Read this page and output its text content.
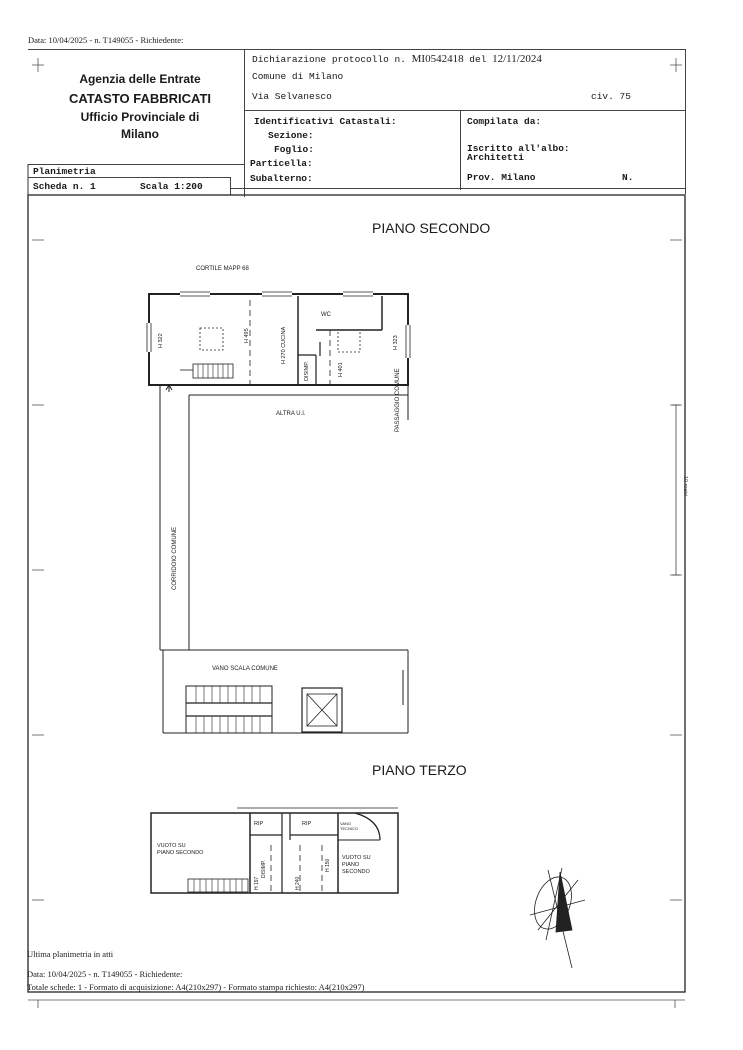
Data: 10/04/2025 - n. T149055 - Richiedente:
Agenzia delle Entrate
CATASTO FABBRICATI
Ufficio Provinciale di
Milano
Dichiarazione protocollo n. MI0542418 del 12/11/2024
Comune di Milano
Via Selvanesco	civ. 75
Identificativi Catastali:
Sezione:
Foglio:
Particella:
Subalterno:
Compilata da:
Iscritto all'albo:
Architetti
Prov. Milano	N.
Planimetria
Scheda n. 1	Scala 1:200
PIANO SECONDO
PIANO TERZO
CORTILE MAPP 68
ALTRA U.I.
VANO SCALA COMUNE
WC
PASSAGGIO COMUNE
CORRIDOIO COMUNE
H 270 CUCINA
H 322	H 495	H 323
H 401
DISIMP.
RIP	RIP	VANO TECNICO
VUOTO SU
PIANO SECONDO
VUOTO SU
PIANO
SECONDO
H 197
DISIMP.
H 240
H 150
10 metri
Ultima planimetria in atti
Data: 10/04/2025 - n. T149055 - Richiedente:
Totale schede: 1 - Formato di acquisizione: A4(210x297) - Formato stampa richiesto: A4(210x297)
